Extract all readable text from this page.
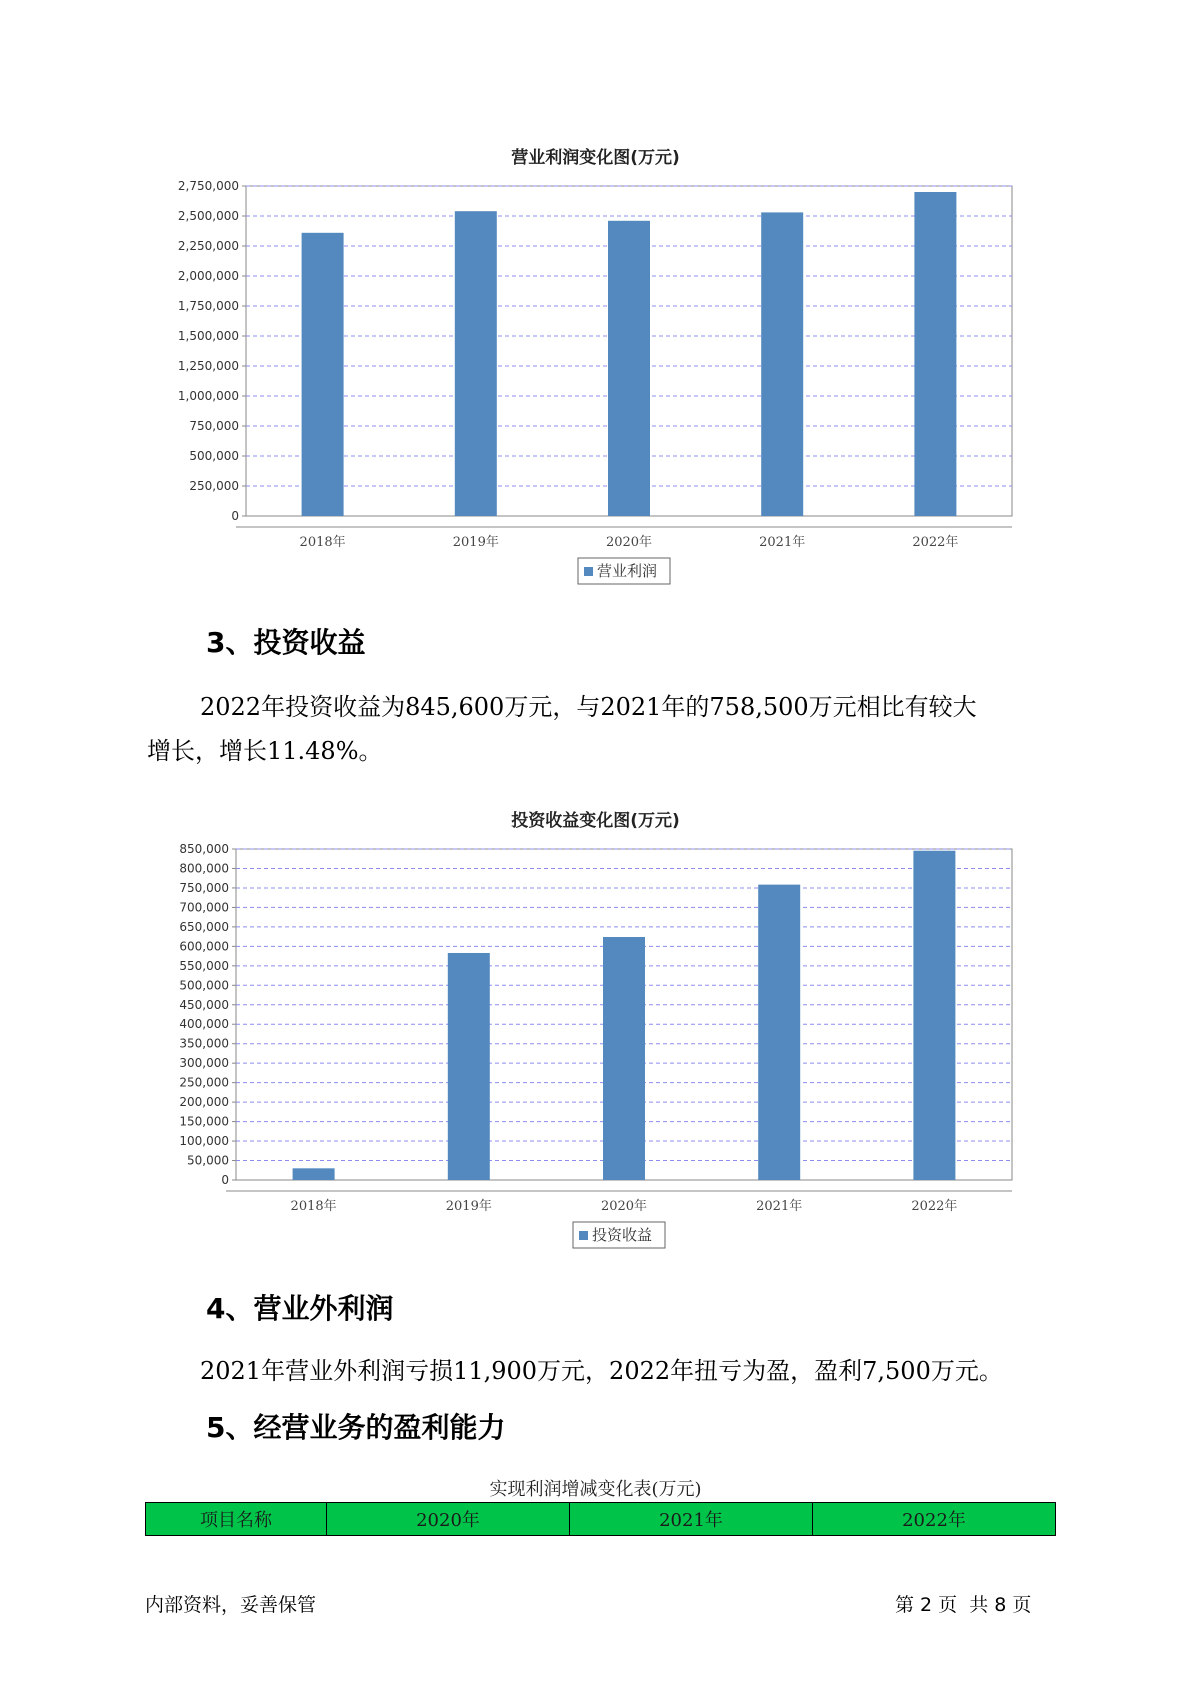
营业利润变化图(万元)
0
250,000
500,000
750,000
1,000,000
1,250,000
1,500,000
1,750,000
2,000,000
2,250,000
2,500,000
2,750,000
2018年	2019年	2020年	2021年	2022年
营业利润
3、投资收益
2022年投资收益为845,600万元，与2021年的758,500万元相比有较大
增长，增长11.48%。
投资收益变化图(万元)
0
50,000
100,000
150,000
200,000
250,000
300,000
350,000
400,000
450,000
500,000
550,000
600,000
650,000
700,000
750,000
800,000
850,000
2018年	2019年	2020年	2021年	2022年
投资收益
4、营业外利润
2021年营业外利润亏损11,900万元，2022年扭亏为盈，盈利7,500万元。
5、经营业务的盈利能力
实现利润增减变化表(万元)
项目名称	2020年	2021年	2022年
内部资料，妥善保管	第 2 页  共 8 页
